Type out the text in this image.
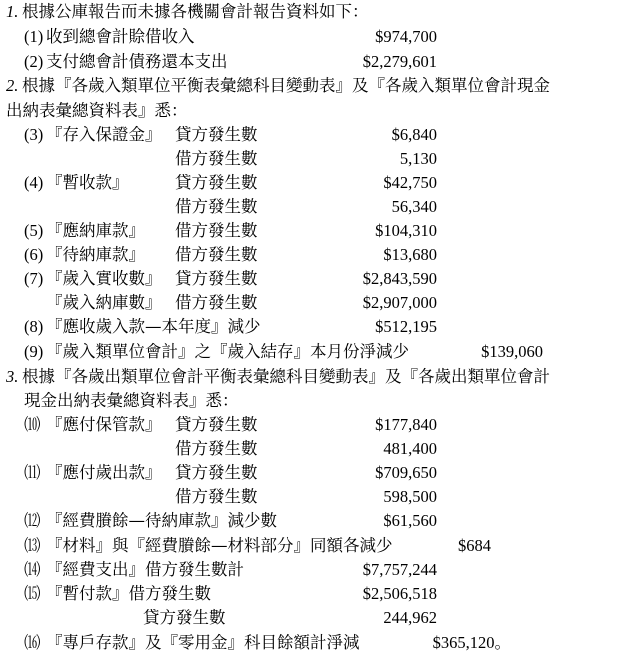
1. 根據公庫報告而未據各機關會計報告資料如下：
(1) 收到總會計賒借收入	$974,700
(2) 支付總會計債務還本支出	$2,279,601
2. 根據『各歲入類單位平衡表彙總科目變動表』及『各歲入類單位會計現金
出納表彙總資料表』悉：
(3) 『存入保證金』 貸方發生數	$6,840
借方發生數	5,130
(4) 『暫收款』	貸方發生數	$42,750
借方發生數	56,340
(5) 『應納庫款』 借方發生數	$104,310
(6) 『待納庫款』 借方發生數	$13,680
(7) 『歲入實收數』 貸方發生數	$2,843,590
『歲入納庫數』 借方發生數	$2,907,000
(8) 『應收歲入款—本年度』減少	$512,195
(9) 『歲入類單位會計』之『歲入結存』本月份淨減少	$139,060
3. 根據『各歲出類單位會計平衡表彙總科目變動表』及『各歲出類單位會計
現金出納表彙總資料表』悉：
⑽ 『應付保管款』 貸方發生數	$177,840
借方發生數	481,400
⑾ 『應付歲出款』 貸方發生數	$709,650
借方發生數	598,500
⑿ 『經費賸餘—待納庫款』減少數	$61,560
⒀ 『材料』與『經費賸餘—材料部分』同額各減少	$684
⒁ 『經費支出』借方發生數計	$7,757,244
⒂ 『暫付款』借方發生數	$2,506,518
貸方發生數	244,962
⒃ 『專戶存款』及『零用金』科目餘額計淨減	$365,120。
